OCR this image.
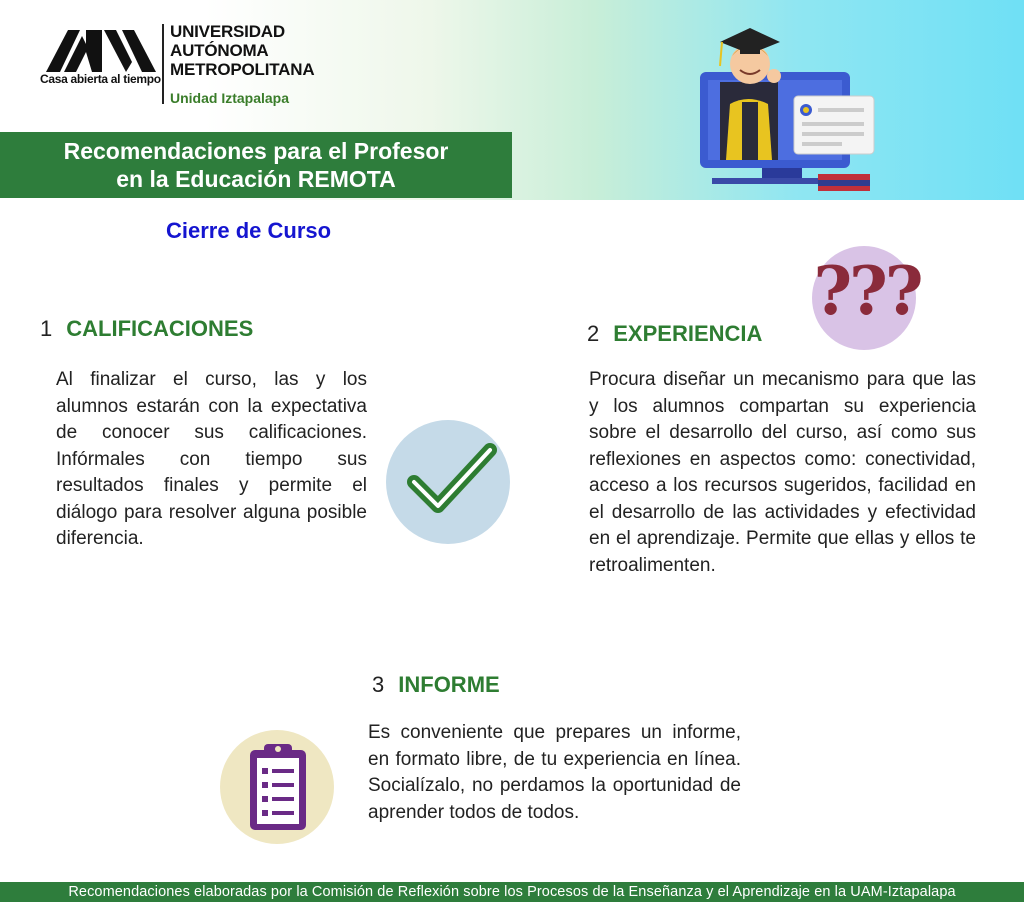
Casa abierta al tiempo
UNIVERSIDAD
AUTÓNOMA
METROPOLITANA
Unidad Iztapalapa
Recomendaciones para el Profesor
en la Educación REMOTA
Cierre de Curso
1 CALIFICACIONES
Al finalizar el curso, las y los alumnos estarán con la expectativa de conocer sus calificaciones. Infórmales con tiempo sus resultados finales y permite el diálogo para resolver alguna posible diferencia.
???
2 EXPERIENCIA
Procura diseñar un mecanismo para que las y los alumnos compartan su experiencia sobre el desarrollo del curso, así como sus reflexiones en aspectos como: conectividad, acceso a los recursos sugeridos, facilidad en el desarrollo de las actividades y efectividad en el aprendizaje. Permite que ellas y ellos te retroalimenten.
3 INFORME
Es conveniente que prepares un informe, en formato libre, de tu experiencia en línea. Socialízalo, no perdamos la oportunidad de aprender todos de todos.
Recomendaciones elaboradas por la Comisión de Reflexión sobre los Procesos de la Enseñanza y el Aprendizaje en la UAM-Iztapalapa
